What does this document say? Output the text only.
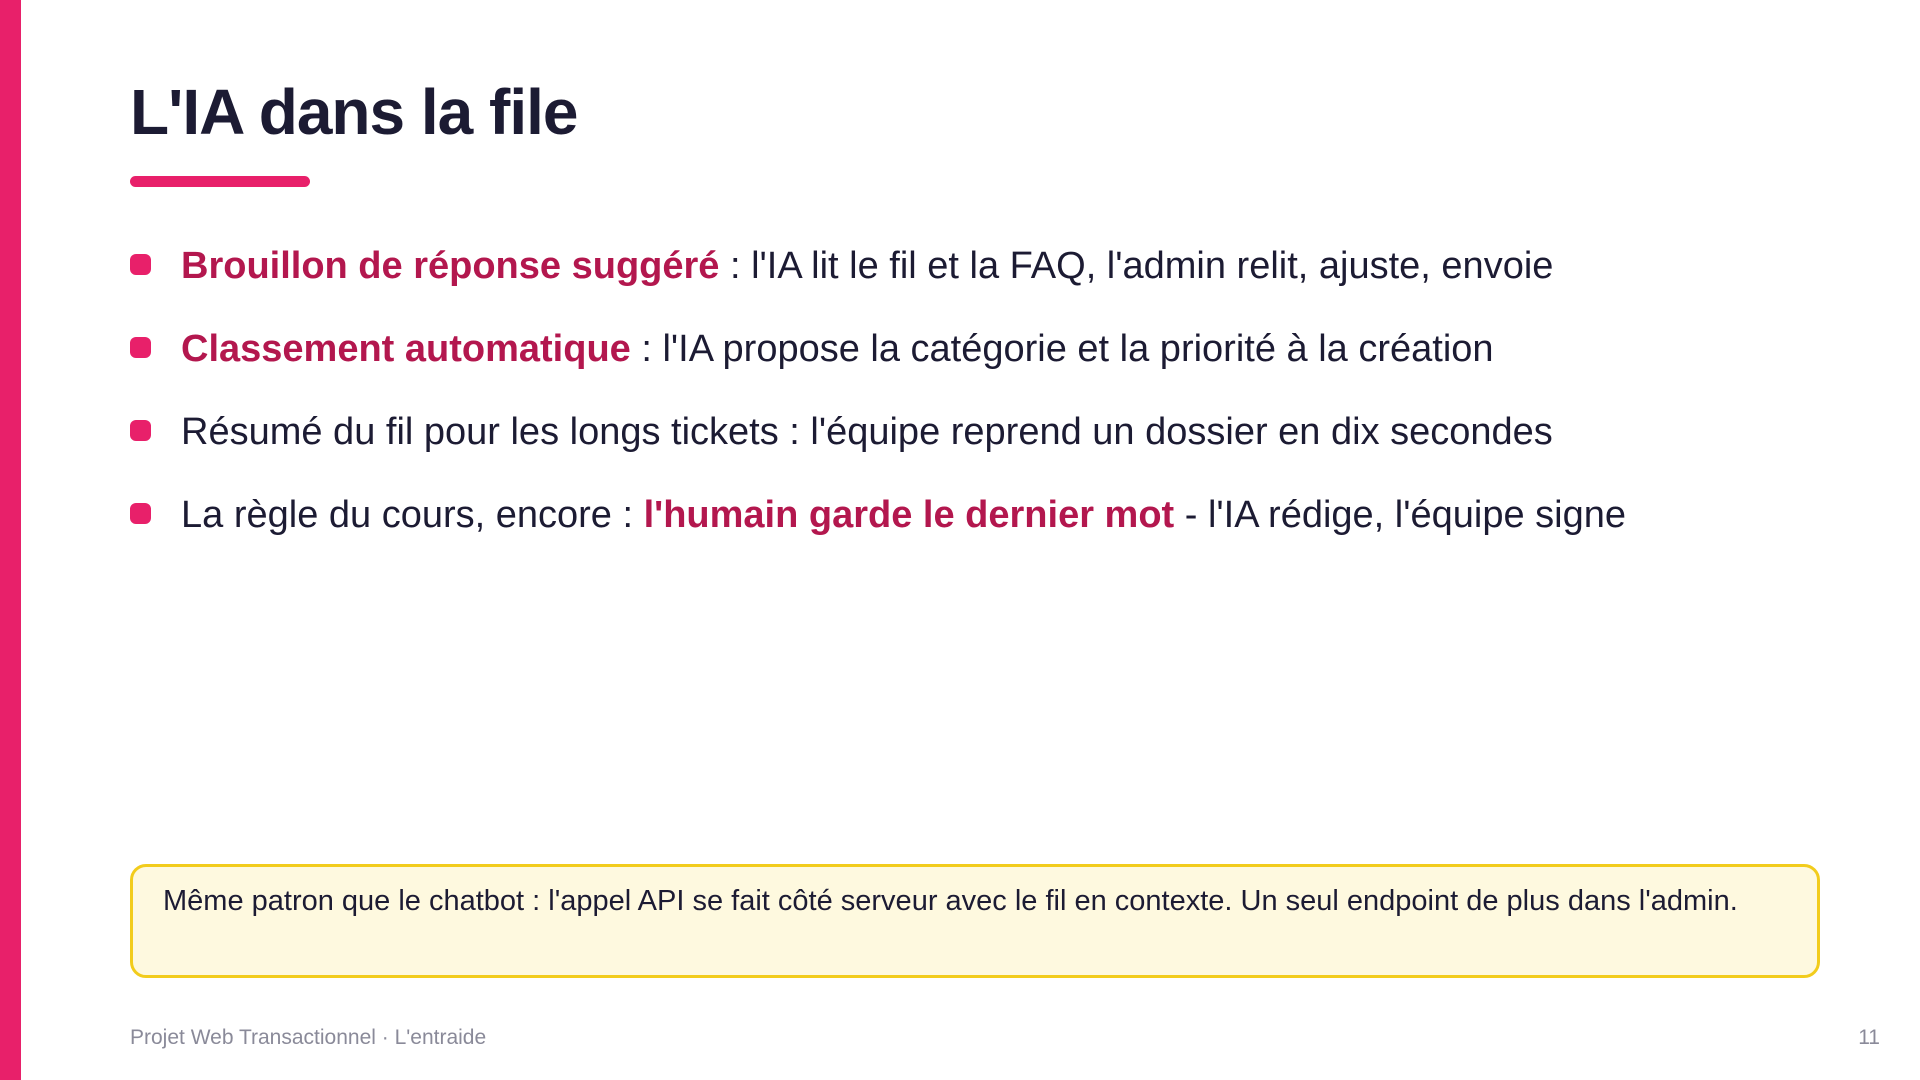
L'IA dans la file
Brouillon de réponse suggéré : l'IA lit le fil et la FAQ, l'admin relit, ajuste, envoie
Classement automatique : l'IA propose la catégorie et la priorité à la création
Résumé du fil pour les longs tickets : l'équipe reprend un dossier en dix secondes
La règle du cours, encore : l'humain garde le dernier mot - l'IA rédige, l'équipe signe
Même patron que le chatbot : l'appel API se fait côté serveur avec le fil en contexte. Un seul endpoint de plus dans l'admin.
Projet Web Transactionnel · L'entraide	11
